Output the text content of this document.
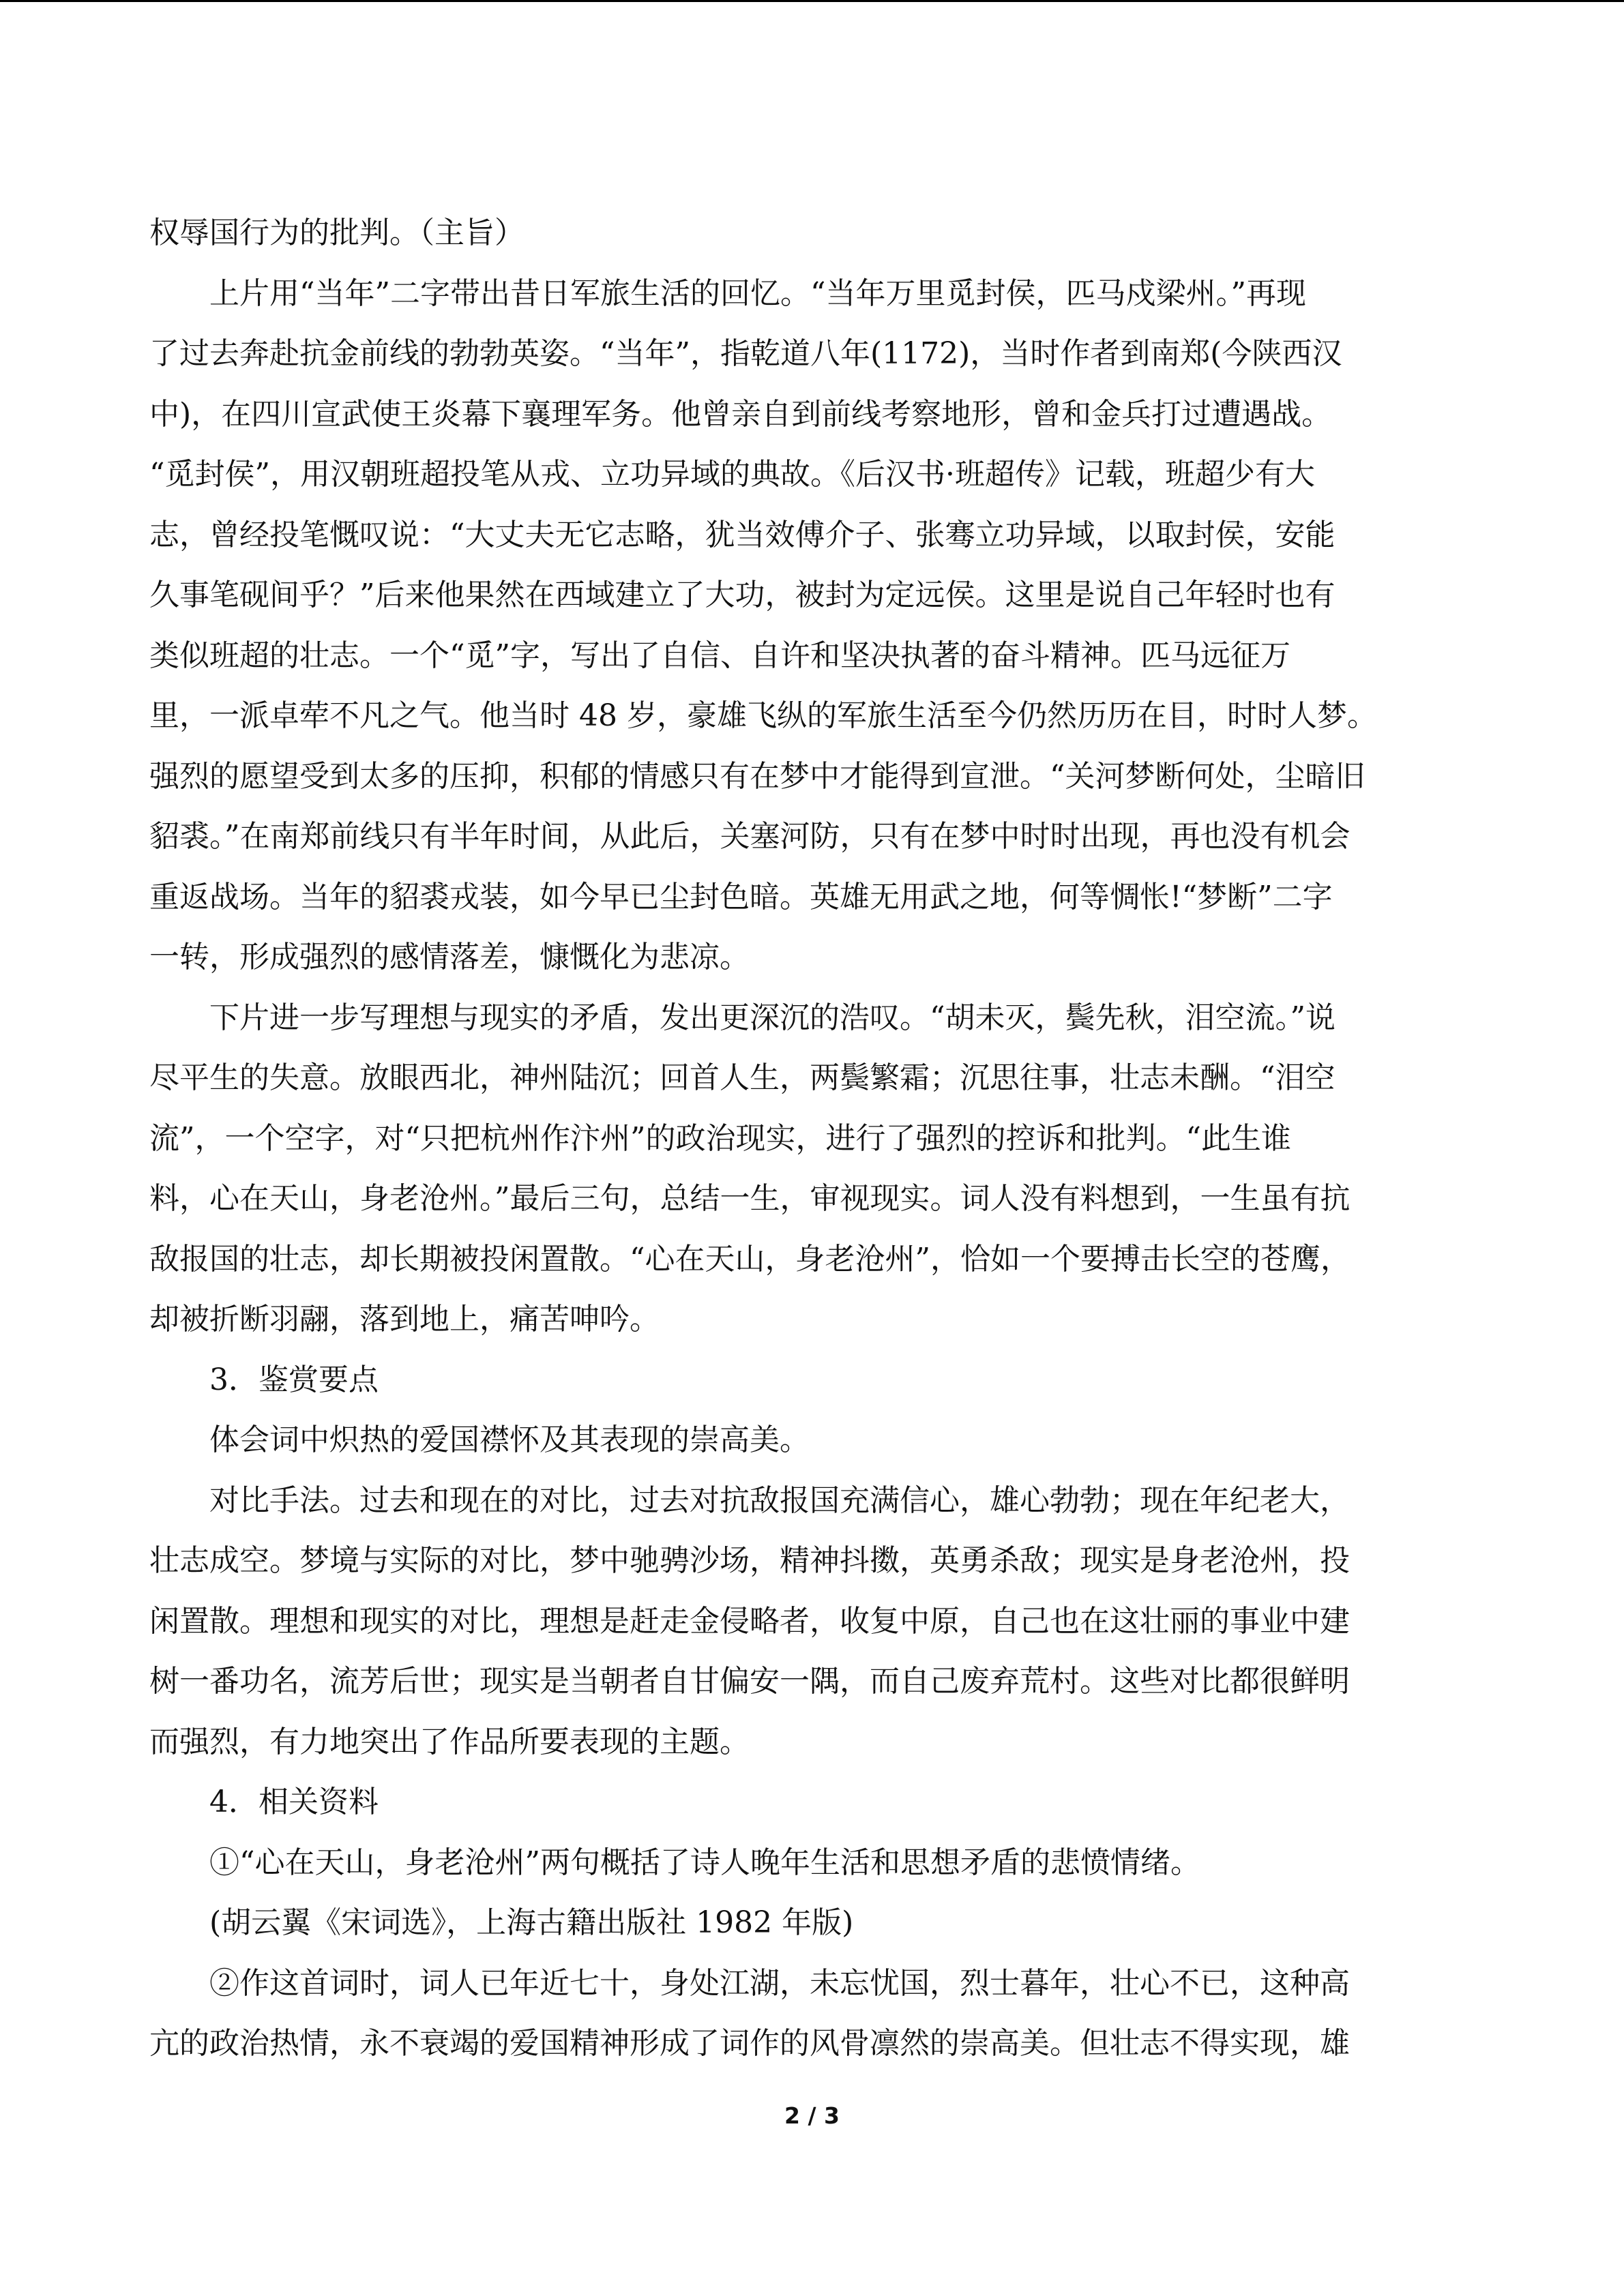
权辱国行为的批判。（主旨）
上片用“当年”二字带出昔日军旅生活的回忆。“当年万里觅封侯，匹马戍梁州。”再现
了过去奔赴抗金前线的勃勃英姿。“当年”，指乾道八年(1172)，当时作者到南郑(今陕西汉
中)，在四川宣武使王炎幕下襄理军务。他曾亲自到前线考察地形，曾和金兵打过遭遇战。
“觅封侯”，用汉朝班超投笔从戎、立功异域的典故。《后汉书·班超传》记载，班超少有大
志，曾经投笔慨叹说：“大丈夫无它志略，犹当效傅介子、张骞立功异域，以取封侯，安能
久事笔砚间乎？”后来他果然在西域建立了大功，被封为定远侯。这里是说自己年轻时也有
类似班超的壮志。一个“觅”字，写出了自信、自许和坚决执著的奋斗精神。匹马远征万
里，一派卓荦不凡之气。他当时 48 岁，豪雄飞纵的军旅生活至今仍然历历在目，时时人梦。
强烈的愿望受到太多的压抑，积郁的情感只有在梦中才能得到宣泄。“关河梦断何处，尘暗旧
貂裘。”在南郑前线只有半年时间，从此后，关塞河防，只有在梦中时时出现，再也没有机会
重返战场。当年的貂裘戎装，如今早已尘封色暗。英雄无用武之地，何等惆怅!“梦断”二字
一转，形成强烈的感情落差，慷慨化为悲凉。
下片进一步写理想与现实的矛盾，发出更深沉的浩叹。“胡未灭，鬓先秋，泪空流。”说
尽平生的失意。放眼西北，神州陆沉；回首人生，两鬓繁霜；沉思往事，壮志未酬。“泪空
流”，一个空字，对“只把杭州作汴州”的政治现实，进行了强烈的控诉和批判。“此生谁
料，心在天山，身老沧州。”最后三句，总结一生，审视现实。词人没有料想到，一生虽有抗
敌报国的壮志，却长期被投闲置散。“心在天山，身老沧州”，恰如一个要搏击长空的苍鹰，
却被折断羽翮，落到地上，痛苦呻吟。
3．鉴赏要点
体会词中炽热的爱国襟怀及其表现的崇高美。
对比手法。过去和现在的对比，过去对抗敌报国充满信心，雄心勃勃；现在年纪老大，
壮志成空。梦境与实际的对比，梦中驰骋沙场，精神抖擞，英勇杀敌；现实是身老沧州，投
闲置散。理想和现实的对比，理想是赶走金侵略者，收复中原，自己也在这壮丽的事业中建
树一番功名，流芳后世；现实是当朝者自甘偏安一隅，而自己废弃荒村。这些对比都很鲜明
而强烈，有力地突出了作品所要表现的主题。
4．相关资料
①“心在天山，身老沧州”两句概括了诗人晚年生活和思想矛盾的悲愤情绪。
(胡云翼《宋词选》，上海古籍出版社 1982 年版)
②作这首词时，词人已年近七十，身处江湖，未忘忧国，烈士暮年，壮心不已，这种高
亢的政治热情，永不衰竭的爱国精神形成了词作的风骨凛然的崇高美。但壮志不得实现，雄
2 / 3
